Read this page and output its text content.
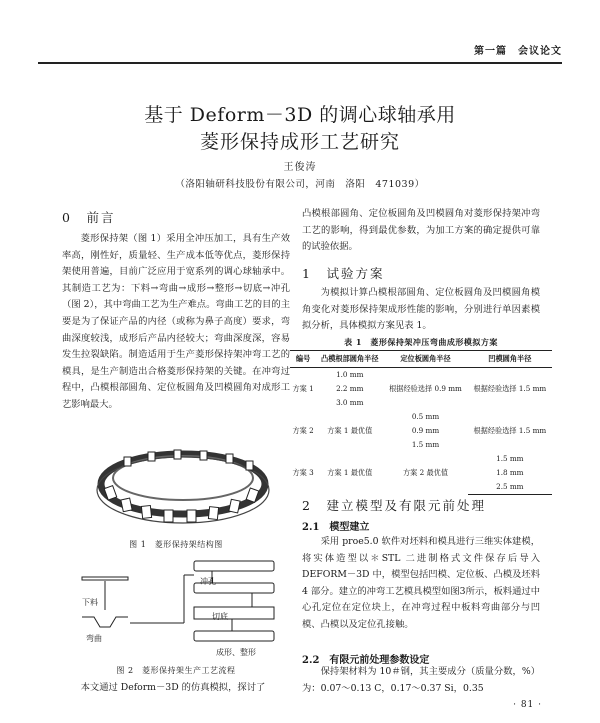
第一篇　会议论文
基于 Deform－3D 的调心球轴承用
菱形保持成形工艺研究
王俊涛
（洛阳轴研科技股份有限公司，河南　洛阳　471039）
0　前言
菱形保持架（图 1）采用全冲压加工，具有生产效率高，刚性好，质量轻、生产成本低等优点，菱形保持架使用普遍，目前广泛应用于宽系列的调心球轴承中。其制造工艺为：下料→弯曲→成形→整形→切底→冲孔（图 2），其中弯曲工艺为生产难点。弯曲工艺的目的主要是为了保证产品的内径（或称为鼻子高度）要求，弯曲深度较浅，成形后产品内径较大；弯曲深度深，容易发生拉裂缺陷。制造适用于生产菱形保持架冲弯工艺的模具，是生产制造出合格菱形保持架的关键。在冲弯过程中，凸模根部圆角、定位板圆角及凹模圆角对成形工艺影响最大。
图 1　菱形保持架结构图
下料
弯曲
冲孔
切底
成形、整形
图 2　菱形保持架生产工艺流程
本文通过 Deform－3D 的仿真模拟，探讨了
凸模根部圆角、定位板圆角及凹模圆角对菱形保持架冲弯工艺的影响，得到最优参数，为加工方案的确定提供可靠的试验依据。
1　试验方案
为模拟计算凸模根部圆角、定位板圆角及凹模圆角模角变化对菱形保持架成形性能的影响，分别进行单因素模拟分析，具体模拟方案见表 1。
表 1　菱形保持架冲压弯曲成形模拟方案
编号	凸模根部圆角半径	定位板圆角半径	凹模圆角半径
方案 1	1.0 mm	根据经验选择 0.9 mm	根据经验选择 1.5 mm
	2.2 mm		
	3.0 mm		
方案 2	方案 1 最优值	0.5 mm	根据经验选择 1.5 mm
		0.9 mm	
		1.5 mm	
方案 3	方案 1 最优值	方案 2 最优值	1.5 mm
			1.8 mm
			2.5 mm
2　建立模型及有限元前处理
2.1　模型建立
采用 proe5.0 软件对坯料和模具进行三维实体建模，将实体造型以＊STL 二进制格式文件保存后导入 DEFORM－3D 中，模型包括凹模、定位板、凸模及坯料 4 部分。建立的冲弯工艺模具模型如图3所示，板料通过中心孔定位在定位块上，在冲弯过程中板料弯曲部分与凹模、凸模以及定位孔接触。
2.2　有限元前处理参数设定
保持架材料为 10＃钢，其主要成分（质量分数，%）为：0.07～0.13 C，0.17～0.37 Si，0.35
· 81 ·
